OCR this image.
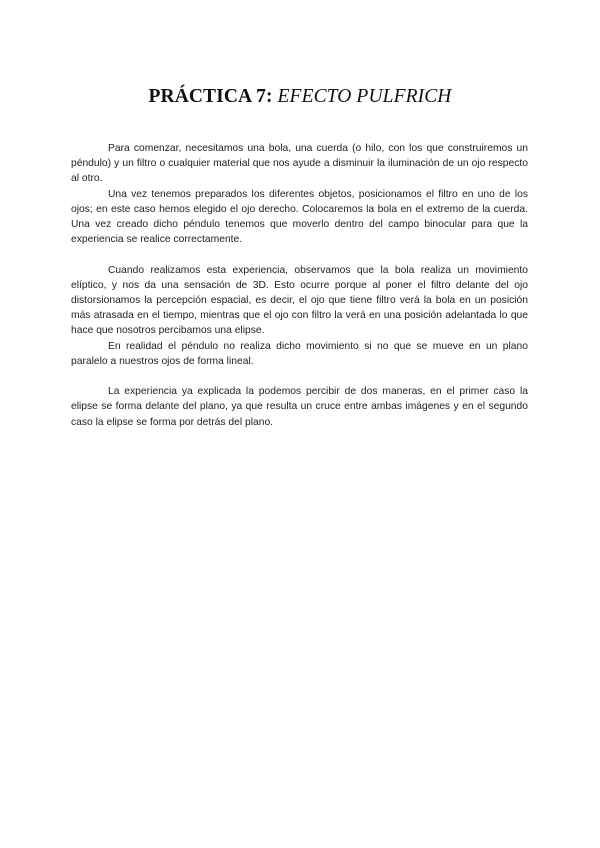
PRÁCTICA 7: EFECTO PULFRICH

Para comenzar, necesitamos una bola, una cuerda (o hilo, con los que construiremos un péndulo) y un filtro o cualquier material que nos ayude a disminuir la iluminación de un ojo respecto al otro.

Una vez tenemos preparados los diferentes objetos, posicionamos el filtro en uno de los ojos; en este caso hemos elegido el ojo derecho. Colocaremos la bola en el extremo de la cuerda. Una vez creado dicho péndulo tenemos que moverlo dentro del campo binocular para que la experiencia se realice correctamente.

Cuando realizamos esta experiencia, observamos que la bola realiza un movimiento elíptico, y nos da una sensación de 3D. Esto ocurre porque al poner el filtro delante del ojo distorsionamos la percepción espacial, es decir, el ojo que tiene filtro verá la bola en un posición más atrasada en el tiempo, mientras que el ojo con filtro la verá en una posición adelantada lo que hace que nosotros percibamos una elipse.

En realidad el péndulo no realiza dicho movimiento si no que se mueve en un plano paralelo a nuestros ojos de forma lineal.

La experiencia ya explicada la podemos percibir de dos maneras, en el primer caso la elipse se forma delante del plano, ya que resulta un cruce entre ambas imágenes y en el segundo caso la elipse se forma por detrás del plano.
